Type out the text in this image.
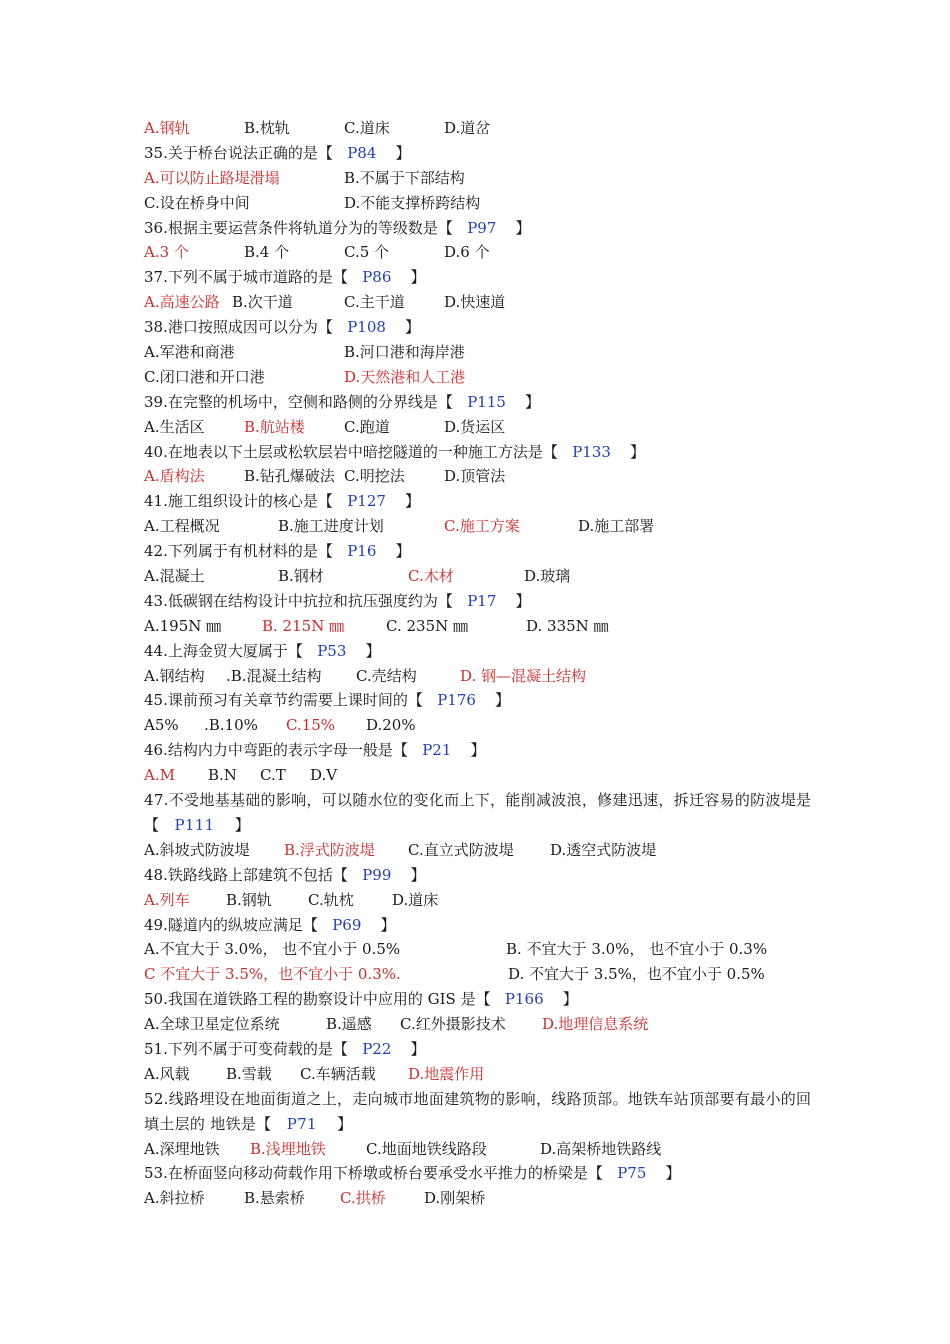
A.钢轨	B.枕轨	C.道床	D.道岔
35.关于桥台说法正确的是【 P84 】
A.可以防止路堤滑塌	B.不属于下部结构
C.设在桥身中间	D.不能支撑桥跨结构
36.根据主要运营条件将轨道分为的等级数是【 P97 】
A.3 个	B.4 个	C.5 个	D.6 个
37.下列不属于城市道路的是【 P86 】
A.高速公路 B.次干道	C.主干道	D.快速道
38.港口按照成因可以分为【 P108 】
A.军港和商港	B.河口港和海岸港
C.闭口港和开口港	D.天然港和人工港
39.在完整的机场中，空侧和路侧的分界线是【 P115 】
A.生活区	B.航站楼	C.跑道	D.货运区
40.在地表以下土层或松软层岩中暗挖隧道的一种施工方法是【 P133 】
A.盾构法	B.钻孔爆破法 C.明挖法	D.顶管法
41.施工组织设计的核心是【 P127 】
A.工程概况	B.施工进度计划	C.施工方案	D.施工部署
42.下列属于有机材料的是【 P16 】
A.混凝土	B.钢材	C.木材	D.玻璃
43.低碳钢在结构设计中抗拉和抗压强度约为【 P17 】
A.195N ㎜	B. 215N ㎜	C. 235N ㎜	D. 335N ㎜
44.上海金贸大厦属于【 P53 】
A.钢结构 .B.混凝土结构 C.壳结构	D. 钢—混凝土结构
45.课前预习有关章节约需要上课时间的【 P176 】
A5% .B.10% C.15% D.20%
46.结构内力中弯距的表示字母一般是【 P21 】
A.M B.N C.T D.V
47.不受地基基础的影响，可以随水位的变化而上下，能削减波浪，修建迅速，拆迁容易的防波堤是【 P111 】
A.斜坡式防波堤 B.浮式防波堤 C.直立式防波堤 D.透空式防波堤
48.铁路线路上部建筑不包括【 P99 】
A.列车 B.钢轨 C.轨枕	D.道床
49.隧道内的纵坡应满足【 P69 】
A.不宜大于 3.0%， 也不宜小于 0.5%	B. 不宜大于 3.0%， 也不宜小于 0.3%
C 不宜大于 3.5%，也不宜小于 0.3%.	D. 不宜大于 3.5%，也不宜小于 0.5%
50.我国在道铁路工程的勘察设计中应用的 GIS 是【 P166 】
A.全球卫星定位系统	B.遥感 C.红外摄影技术 D.地理信息系统
51.下列不属于可变荷载的是【 P22 】
A.风载 B.雪载 C.车辆活载 D.地震作用
52.线路埋设在地面街道之上，走向城市地面建筑物的影响，线路顶部。地铁车站顶部要有最小的回填土层的 地铁是【 P71 】
A.深埋地铁 B.浅埋地铁	C.地面地铁线路段	D.高架桥地铁路线
53.在桥面竖向移动荷载作用下桥墩或桥台要承受水平推力的桥梁是【 P75 】
A.斜拉桥	B.悬索桥 C.拱桥	D.刚架桥
